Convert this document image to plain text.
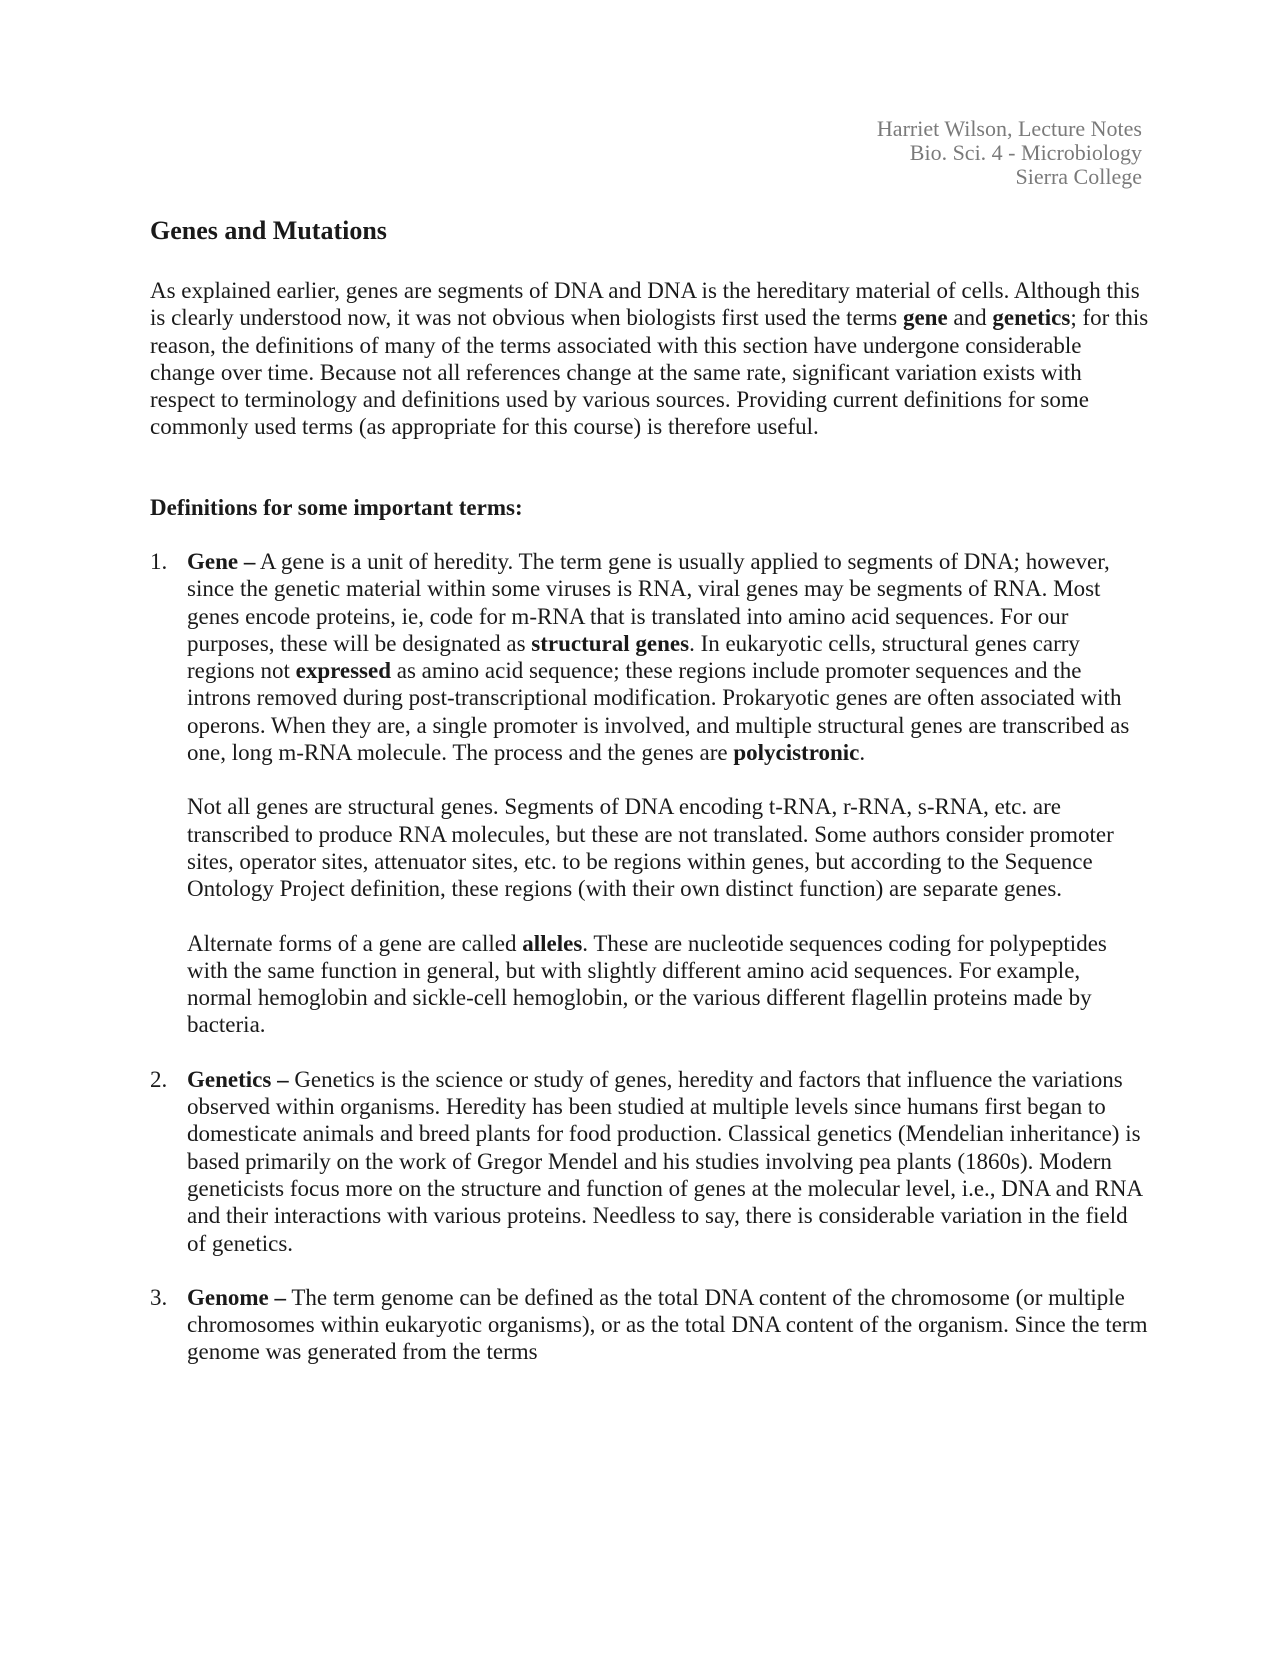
Harriet Wilson, Lecture Notes
Bio. Sci. 4 - Microbiology
Sierra College
Genes and Mutations

As explained earlier, genes are segments of DNA and DNA is the hereditary material of cells. Although this is clearly understood now, it was not obvious when biologists first used the terms gene and genetics; for this reason, the definitions of many of the terms associated with this section have undergone considerable change over time. Because not all references change at the same rate, significant variation exists with respect to terminology and definitions used by various sources. Providing current definitions for some commonly used terms (as appropriate for this course) is therefore useful.

Definitions for some important terms:
1. Gene – A gene is a unit of heredity. The term gene is usually applied to segments of DNA; however, since the genetic material within some viruses is RNA, viral genes may be segments of RNA. Most genes encode proteins, ie, code for m-RNA that is translated into amino acid sequences. For our purposes, these will be designated as structural genes. In eukaryotic cells, structural genes carry regions not expressed as amino acid sequence; these regions include promoter sequences and the introns removed during post-transcriptional modification. Prokaryotic genes are often associated with operons. When they are, a single promoter is involved, and multiple structural genes are transcribed as one, long m-RNA molecule. The process and the genes are polycistronic.

Not all genes are structural genes. Segments of DNA encoding t-RNA, r-RNA, s-RNA, etc. are transcribed to produce RNA molecules, but these are not translated. Some authors consider promoter sites, operator sites, attenuator sites, etc. to be regions within genes, but according to the Sequence Ontology Project definition, these regions (with their own distinct function) are separate genes.

Alternate forms of a gene are called alleles. These are nucleotide sequences coding for polypeptides with the same function in general, but with slightly different amino acid sequences. For example, normal hemoglobin and sickle-cell hemoglobin, or the various different flagellin proteins made by bacteria.

2. Genetics – Genetics is the science or study of genes, heredity and factors that influence the variations observed within organisms. Heredity has been studied at multiple levels since humans first began to domesticate animals and breed plants for food production. Classical genetics (Mendelian inheritance) is based primarily on the work of Gregor Mendel and his studies involving pea plants (1860s). Modern geneticists focus more on the structure and function of genes at the molecular level, i.e., DNA and RNA and their interactions with various proteins. Needless to say, there is considerable variation in the field of genetics.

3. Genome – The term genome can be defined as the total DNA content of the chromosome (or multiple chromosomes within eukaryotic organisms), or as the total DNA content of the organism. Since the term genome was generated from the terms
